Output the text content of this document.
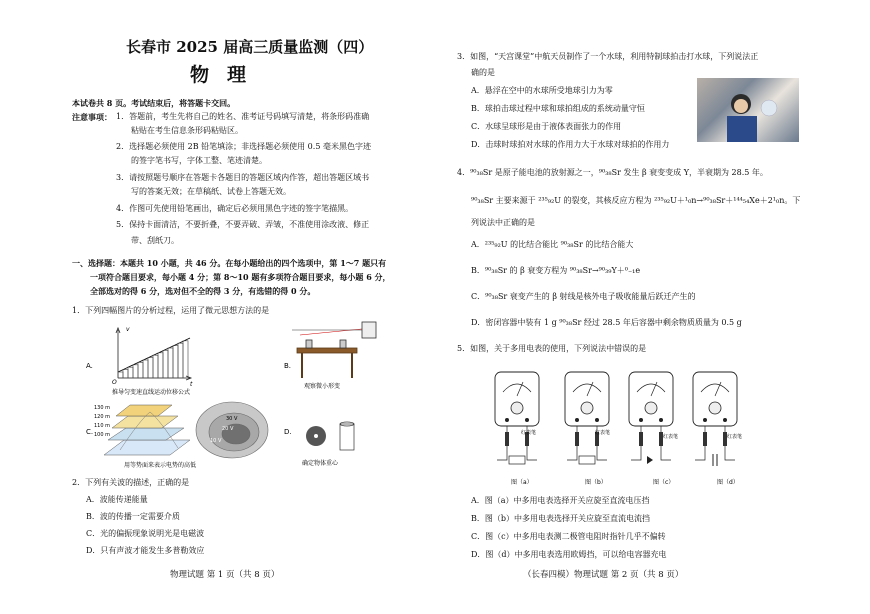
长春市 2025 届高三质量监测（四）
物理
本试卷共 8 页。考试结束后，将答题卡交回。
注意事项： 1．答题前，考生先将自己的姓名、准考证号码填写清楚，将条形码准确
粘贴在考生信息条形码粘贴区。
2．选择题必须使用 2B 铅笔填涂；非选择题必须使用 0.5 毫米黑色字迹
的签字笔书写，字体工整、笔迹清楚。
3．请按照题号顺序在答题卡各题目的答题区域内作答，超出答题区域书
写的答案无效；在草稿纸、试卷上答题无效。
4．作图可先使用铅笔画出，确定后必须用黑色字迹的签字笔描黑。
5．保持卡面清洁，不要折叠，不要弄破、弄皱，不准使用涂改液、修正
带、刮纸刀。
一、选择题：本题共 10 小题，共 46 分。在每小题给出的四个选项中，第 1～7 题只有
一项符合题目要求，每小题 4 分；第 8～10 题有多项符合题目要求，每小题 6 分，
全部选对的得 6 分，选对但不全的得 3 分，有选错的得 0 分。
1．下列四幅图片的分析过程，运用了微元思想方法的是
A.
v
O	t
推导匀变速直线运动位移公式
B.
观察微小形变
C.
130 m
120 m
110 m
100 m
30 V
20 V
10 V
用等势面来表示电势的高低
D.
确定物体重心
2．下列有关波的描述，正确的是
A．波能传递能量
B．波的传播一定需要介质
C．光的偏振现象说明光是电磁波
D．只有声波才能发生多普勒效应
物理试题 第 1 页（共 8 页）
3．如图，“天宫课堂”中航天员制作了一个水球，利用特制球拍击打水球，下列说法正
确的是
A．悬浮在空中的水球所受地球引力为零
B．球拍击球过程中球和球拍组成的系统动量守恒
C．水球呈球形是由于液体表面张力的作用
D．击球时球拍对水球的作用力大于水球对球拍的作用力
4．⁹⁰₃₈Sr 是原子能电池的放射源之一，⁹⁰₃₈Sr 发生 β 衰变变成 Y，半衰期为 28.5 年。
⁹⁰₃₈Sr 主要来源于 ²³⁵₉₂U 的裂变，其核反应方程为 ²³⁵₉₂U＋¹₀n→⁹⁰₃₈Sr＋¹⁴⁴₅₄Xe＋2¹₀n。下
列说法中正确的是
A．²³⁵₉₂U 的比结合能比 ⁹⁰₃₈Sr 的比结合能大
B．⁹⁰₃₈Sr 的 β 衰变方程为 ⁹⁰₃₈Sr→⁹⁰₃₉Y＋⁰₋₁e
C．⁹⁰₃₈Sr 衰变产生的 β 射线是核外电子吸收能量后跃迁产生的
D．密闭容器中装有 1 g ⁹⁰₃₈Sr 经过 28.5 年后容器中剩余物质质量为 0.5 g
5．如图，关于多用电表的使用，下列说法中错误的是
红表笔	红表笔
红表笔	红表笔
图（a）	图（b）	图（c）	图（d）
A．图（a）中多用电表选择开关应旋至直流电压挡
B．图（b）中多用电表选择开关应旋至直流电流挡
C．图（c）中多用电表测二极管电阻时指针几乎不偏转
D．图（d）中多用电表选用欧姆挡，可以给电容器充电
（长春四模）物理试题 第 2 页（共 8 页）
